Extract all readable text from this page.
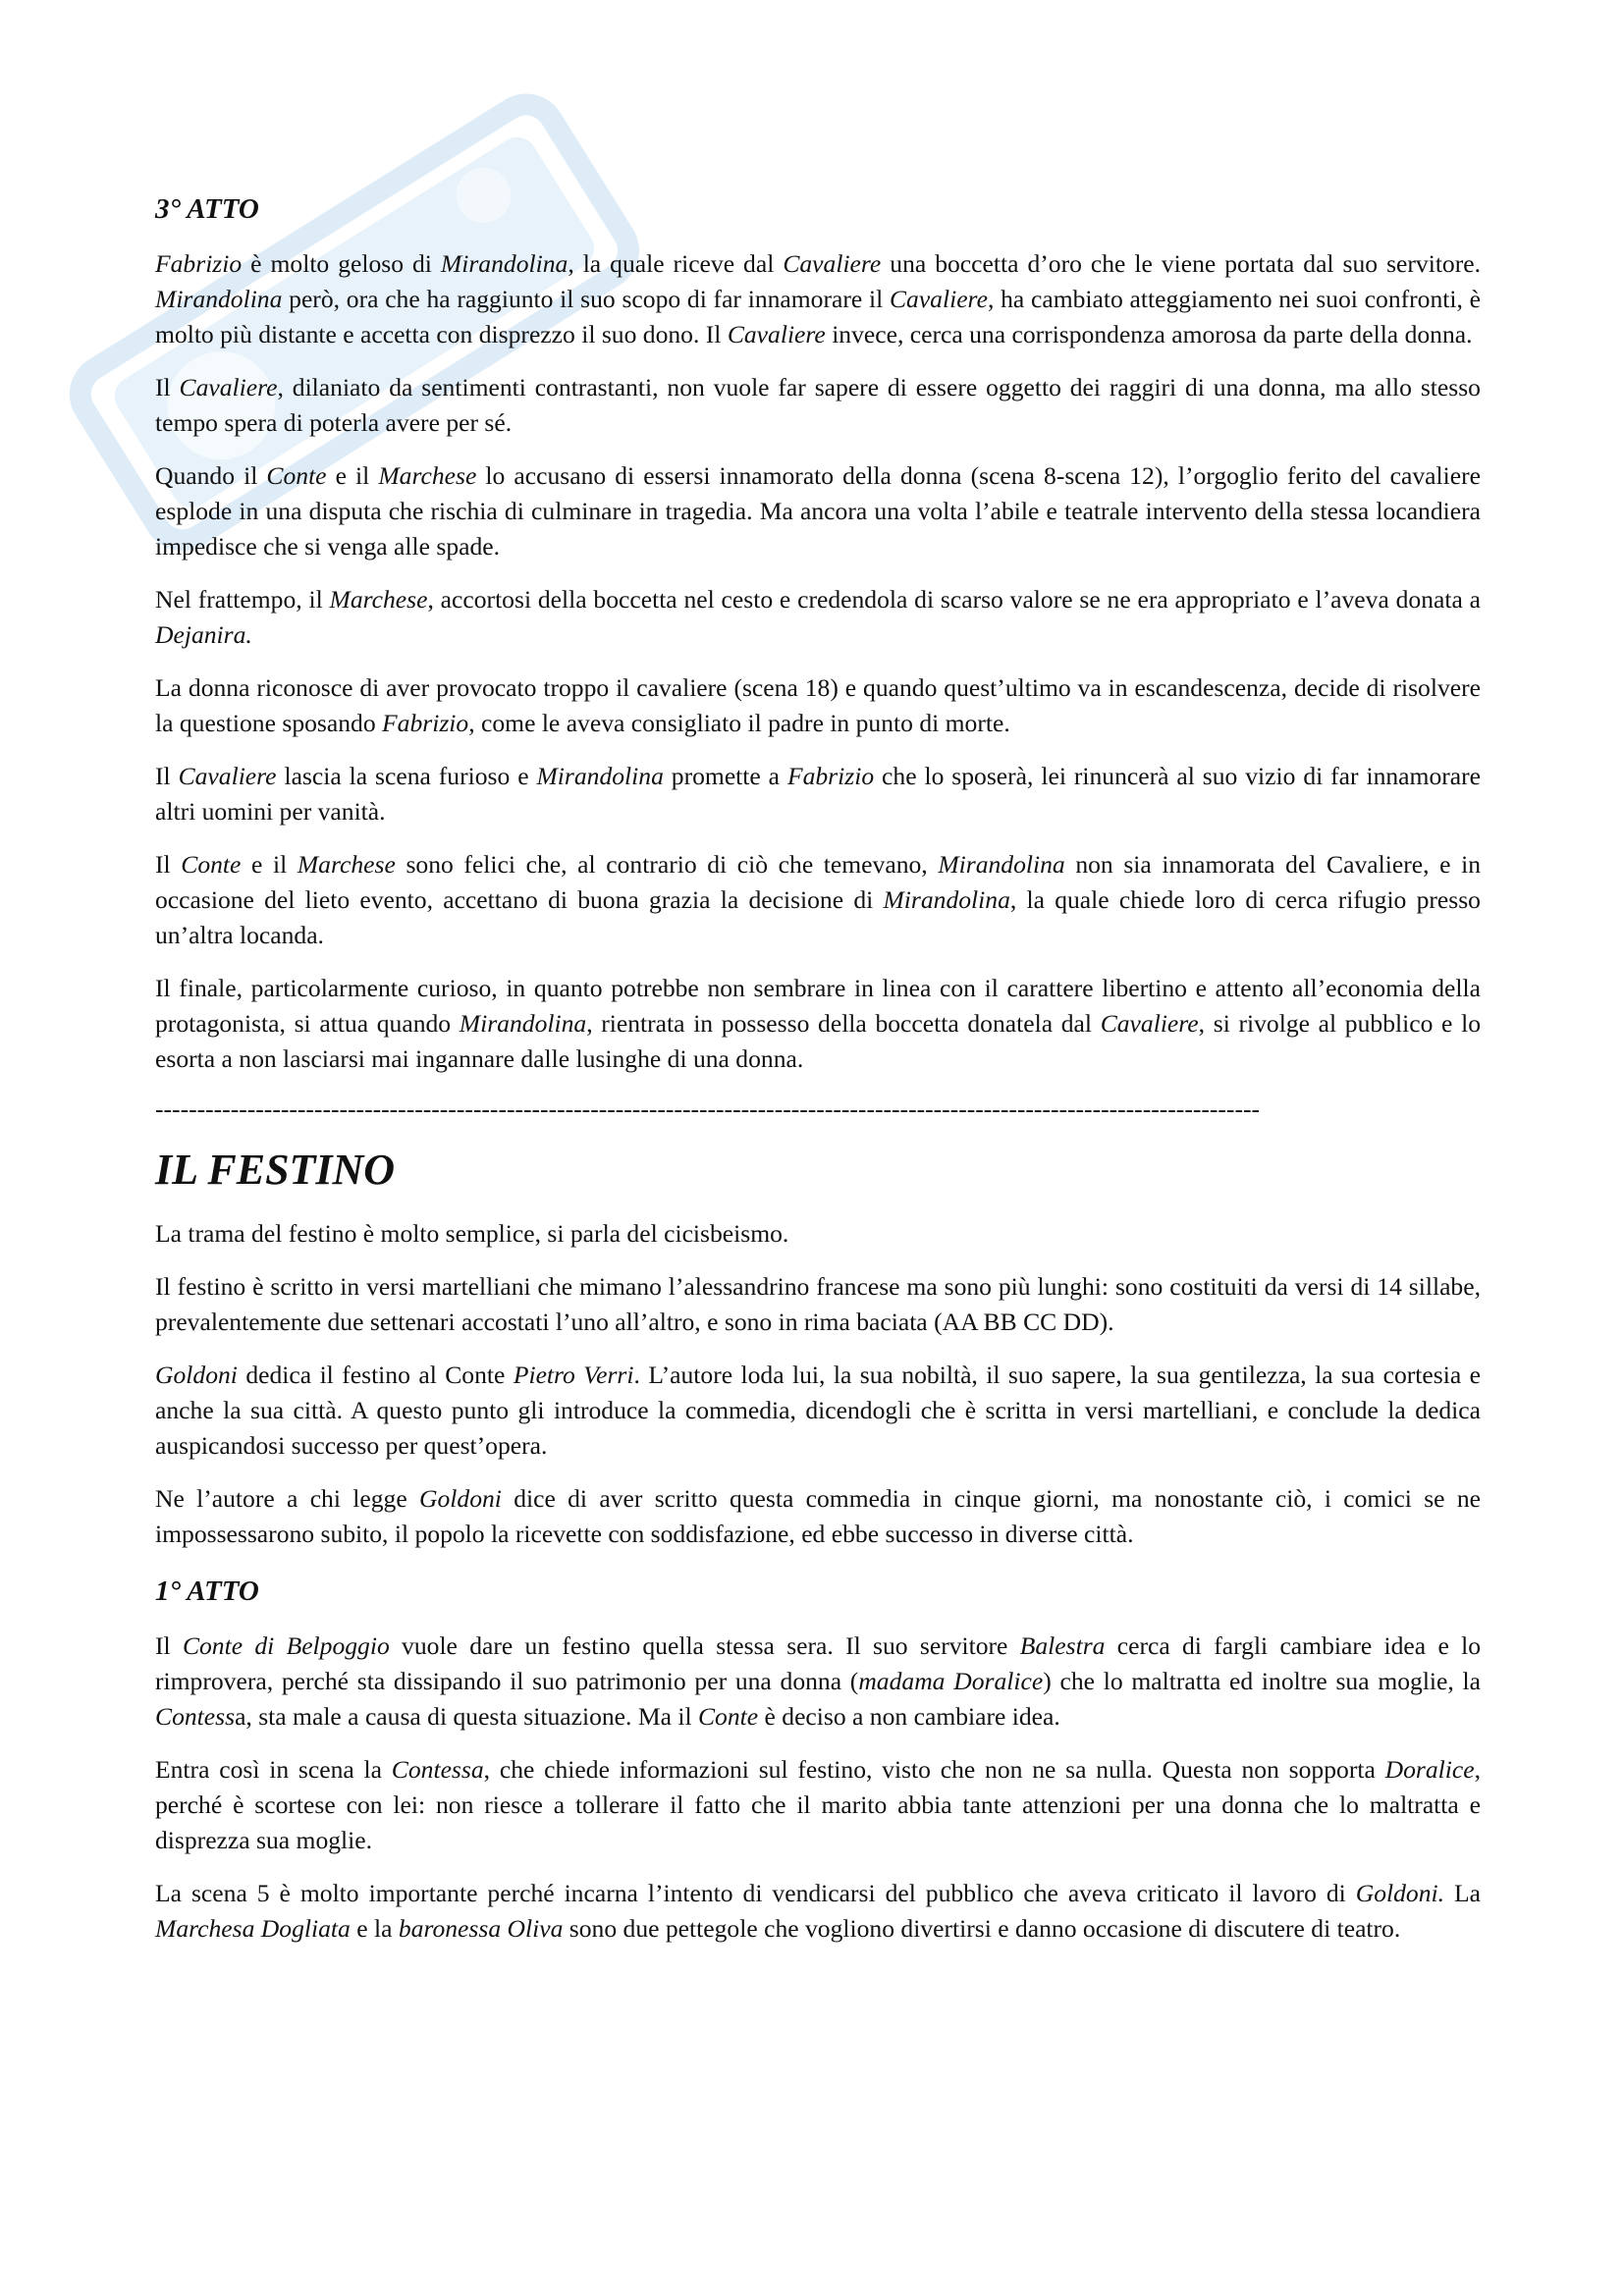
3° ATTO

Fabrizio è molto geloso di Mirandolina, la quale riceve dal Cavaliere una boccetta d’oro che le viene portata dal suo servitore. Mirandolina però, ora che ha raggiunto il suo scopo di far innamorare il Cavaliere, ha cambiato atteggiamento nei suoi confronti, è molto più distante e accetta con disprezzo il suo dono. Il Cavaliere invece, cerca una corrispondenza amorosa da parte della donna.

Il Cavaliere, dilaniato da sentimenti contrastanti, non vuole far sapere di essere oggetto dei raggiri di una donna, ma allo stesso tempo spera di poterla avere per sé.

Quando il Conte e il Marchese lo accusano di essersi innamorato della donna (scena 8-scena 12), l’orgoglio ferito del cavaliere esplode in una disputa che rischia di culminare in tragedia. Ma ancora una volta l’abile e teatrale intervento della stessa locandiera impedisce che si venga alle spade.

Nel frattempo, il Marchese, accortosi della boccetta nel cesto e credendola di scarso valore se ne era appropriato e l’aveva donata a Dejanira.

La donna riconosce di aver provocato troppo il cavaliere (scena 18) e quando quest’ultimo va in escandescenza, decide di risolvere la questione sposando Fabrizio, come le aveva consigliato il padre in punto di morte.

Il Cavaliere lascia la scena furioso e Mirandolina promette a Fabrizio che lo sposerà, lei rinuncerà al suo vizio di far innamorare altri uomini per vanità.

Il Conte e il Marchese sono felici che, al contrario di ciò che temevano, Mirandolina non sia innamorata del Cavaliere, e in occasione del lieto evento, accettano di buona grazia la decisione di Mirandolina, la quale chiede loro di cerca rifugio presso un’altra locanda.

Il finale, particolarmente curioso, in quanto potrebbe non sembrare in linea con il carattere libertino e attento all’economia della protagonista, si attua quando Mirandolina, rientrata in possesso della boccetta donatela dal Cavaliere, si rivolge al pubblico e lo esorta a non lasciarsi mai ingannare dalle lusinghe di una donna.

------------------------------------------------------------------------------------------------------------------------------------
IL FESTINO

La trama del festino è molto semplice, si parla del cicisbeismo.

Il festino è scritto in versi martelliani che mimano l’alessandrino francese ma sono più lunghi: sono costituiti da versi di 14 sillabe, prevalentemente due settenari accostati l’uno all’altro, e sono in rima baciata (AA BB CC DD).

Goldoni dedica il festino al Conte Pietro Verri. L’autore loda lui, la sua nobiltà, il suo sapere, la sua gentilezza, la sua cortesia e anche la sua città. A questo punto gli introduce la commedia, dicendogli che è scritta in versi martelliani, e conclude la dedica auspicandosi successo per quest’opera.

Ne l’autore a chi legge Goldoni dice di aver scritto questa commedia in cinque giorni, ma nonostante ciò, i comici se ne impossessarono subito, il popolo la ricevette con soddisfazione, ed ebbe successo in diverse città.

1° ATTO

Il Conte di Belpoggio vuole dare un festino quella stessa sera. Il suo servitore Balestra cerca di fargli cambiare idea e lo rimprovera, perché sta dissipando il suo patrimonio per una donna (madama Doralice) che lo maltratta ed inoltre sua moglie, la Contessa, sta male a causa di questa situazione. Ma il Conte è deciso a non cambiare idea.

Entra così in scena la Contessa, che chiede informazioni sul festino, visto che non ne sa nulla. Questa non sopporta Doralice, perché è scortese con lei: non riesce a tollerare il fatto che il marito abbia tante attenzioni per una donna che lo maltratta e disprezza sua moglie.

La scena 5 è molto importante perché incarna l’intento di vendicarsi del pubblico che aveva criticato il lavoro di Goldoni. La Marchesa Dogliata e la baronessa Oliva sono due pettegole che vogliono divertirsi e danno occasione di discutere di teatro.
